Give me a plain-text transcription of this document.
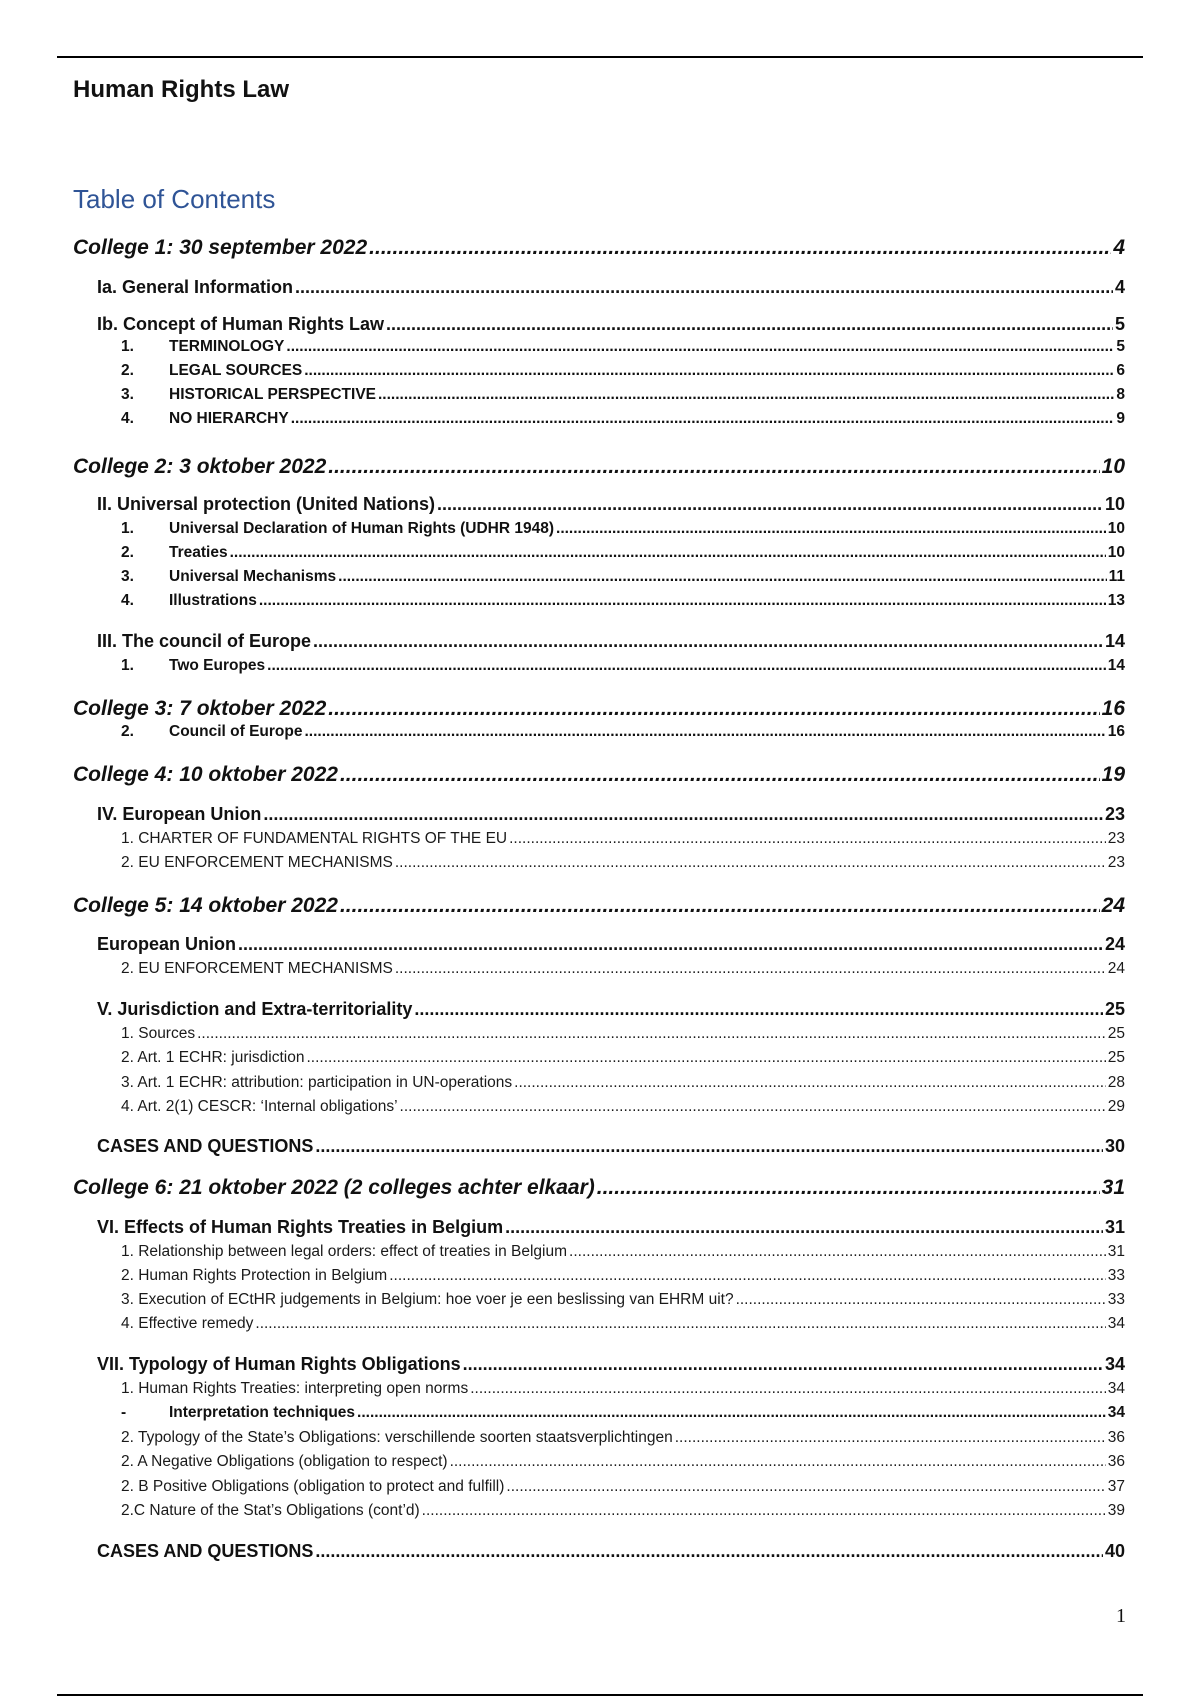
Human Rights Law
Table of Contents
College 1: 30 september 2022 .....	4
Ia. General Information .....	4
Ib. Concept of Human Rights Law .....	5
1.	TERMINOLOGY .....	5
2.	LEGAL SOURCES .....	6
3.	HISTORICAL PERSPECTIVE .....	8
4.	NO HIERARCHY .....	9
College 2: 3 oktober 2022 .....	10
II. Universal protection (United Nations) .....	10
1.	Universal Declaration of Human Rights (UDHR 1948) .....	10
2.	Treaties .....	10
3.	Universal Mechanisms .....	11
4.	Illustrations .....	13
III. The council of Europe .....	14
1.	Two Europes .....	14
College 3: 7 oktober 2022 .....	16
2.	Council of Europe .....	16
College 4: 10 oktober 2022 .....	19
IV. European Union .....	23
1. CHARTER OF FUNDAMENTAL RIGHTS OF THE EU .....	23
2. EU ENFORCEMENT MECHANISMS .....	23
College 5: 14 oktober 2022 .....	24
European Union .....	24
2. EU ENFORCEMENT MECHANISMS .....	24
V. Jurisdiction and Extra-territoriality .....	25
1. Sources .....	25
2. Art. 1 ECHR: jurisdiction .....	25
3. Art. 1 ECHR: attribution: participation in UN-operations .....	28
4. Art. 2(1) CESCR: ‘Internal obligations’ .....	29
CASES AND QUESTIONS .....	30
College 6: 21 oktober 2022 (2 colleges achter elkaar) .....	31
VI. Effects of Human Rights Treaties in Belgium .....	31
1. Relationship between legal orders: effect of treaties in Belgium .....	31
2. Human Rights Protection in Belgium .....	33
3. Execution of ECtHR judgements in Belgium: hoe voer je een beslissing van EHRM uit? .....	33
4. Effective remedy .....	34
VII. Typology of Human Rights Obligations .....	34
1. Human Rights Treaties: interpreting open norms .....	34
-	Interpretation techniques .....	34
2. Typology of the State’s Obligations: verschillende soorten staatsverplichtingen .....	36
2. A Negative Obligations (obligation to respect) .....	36
2. B Positive Obligations (obligation to protect and fulfill) .....	37
2.C Nature of the Stat’s Obligations (cont’d) .....	39
CASES AND QUESTIONS .....	40
1
